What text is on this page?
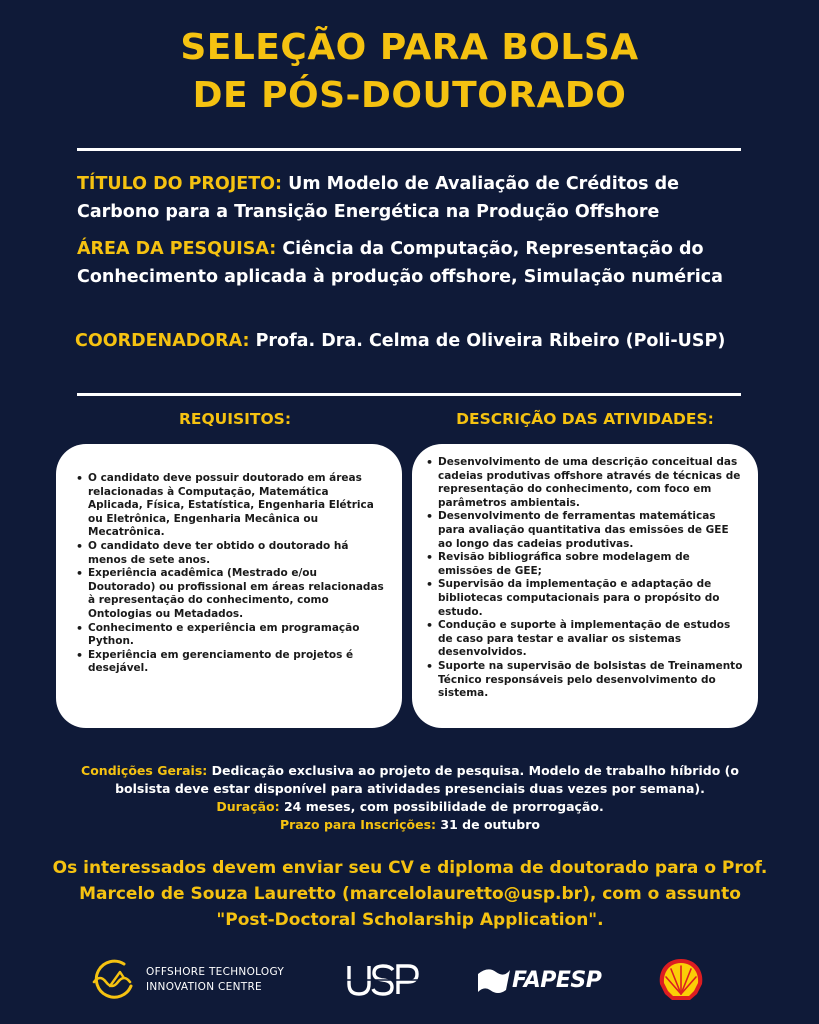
SELEÇÃO PARA BOLSA
DE PÓS-DOUTORADO
TÍTULO DO PROJETO: Um Modelo de Avaliação de Créditos de Carbono para a Transição Energética na Produção Offshore
ÁREA DA PESQUISA: Ciência da Computação, Representação do Conhecimento aplicada à produção offshore, Simulação numérica
COORDENADORA: Profa. Dra. Celma de Oliveira Ribeiro (Poli-USP)
REQUISITOS:	DESCRIÇÃO DAS ATIVIDADES:
• O candidato deve possuir doutorado em áreas relacionadas à Computação, Matemática Aplicada, Física, Estatística, Engenharia Elétrica ou Eletrônica, Engenharia Mecânica ou Mecatrônica.
• O candidato deve ter obtido o doutorado há menos de sete anos.
• Experiência acadêmica (Mestrado e/ou Doutorado) ou profissional em áreas relacionadas à representação do conhecimento, como Ontologias ou Metadados.
• Conhecimento e experiência em programação Python.
• Experiência em gerenciamento de projetos é desejável.
• Desenvolvimento de uma descrição conceitual das cadeias produtivas offshore através de técnicas de representação do conhecimento, com foco em parâmetros ambientais.
• Desenvolvimento de ferramentas matemáticas para avaliação quantitativa das emissões de GEE ao longo das cadeias produtivas.
• Revisão bibliográfica sobre modelagem de emissões de GEE;
• Supervisão da implementação e adaptação de bibliotecas computacionais para o propósito do estudo.
• Condução e suporte à implementação de estudos de caso para testar e avaliar os sistemas desenvolvidos.
• Suporte na supervisão de bolsistas de Treinamento Técnico responsáveis pelo desenvolvimento do sistema.
Condições Gerais: Dedicação exclusiva ao projeto de pesquisa. Modelo de trabalho híbrido (o bolsista deve estar disponível para atividades presenciais duas vezes por semana).
Duração: 24 meses, com possibilidade de prorrogação.
Prazo para Inscrições: 31 de outubro
Os interessados devem enviar seu CV e diploma de doutorado para o Prof. Marcelo de Souza Lauretto (marcelolauretto@usp.br), com o assunto "Post-Doctoral Scholarship Application".
OFFSHORE TECHNOLOGY
INNOVATION CENTRE	FAPESP
